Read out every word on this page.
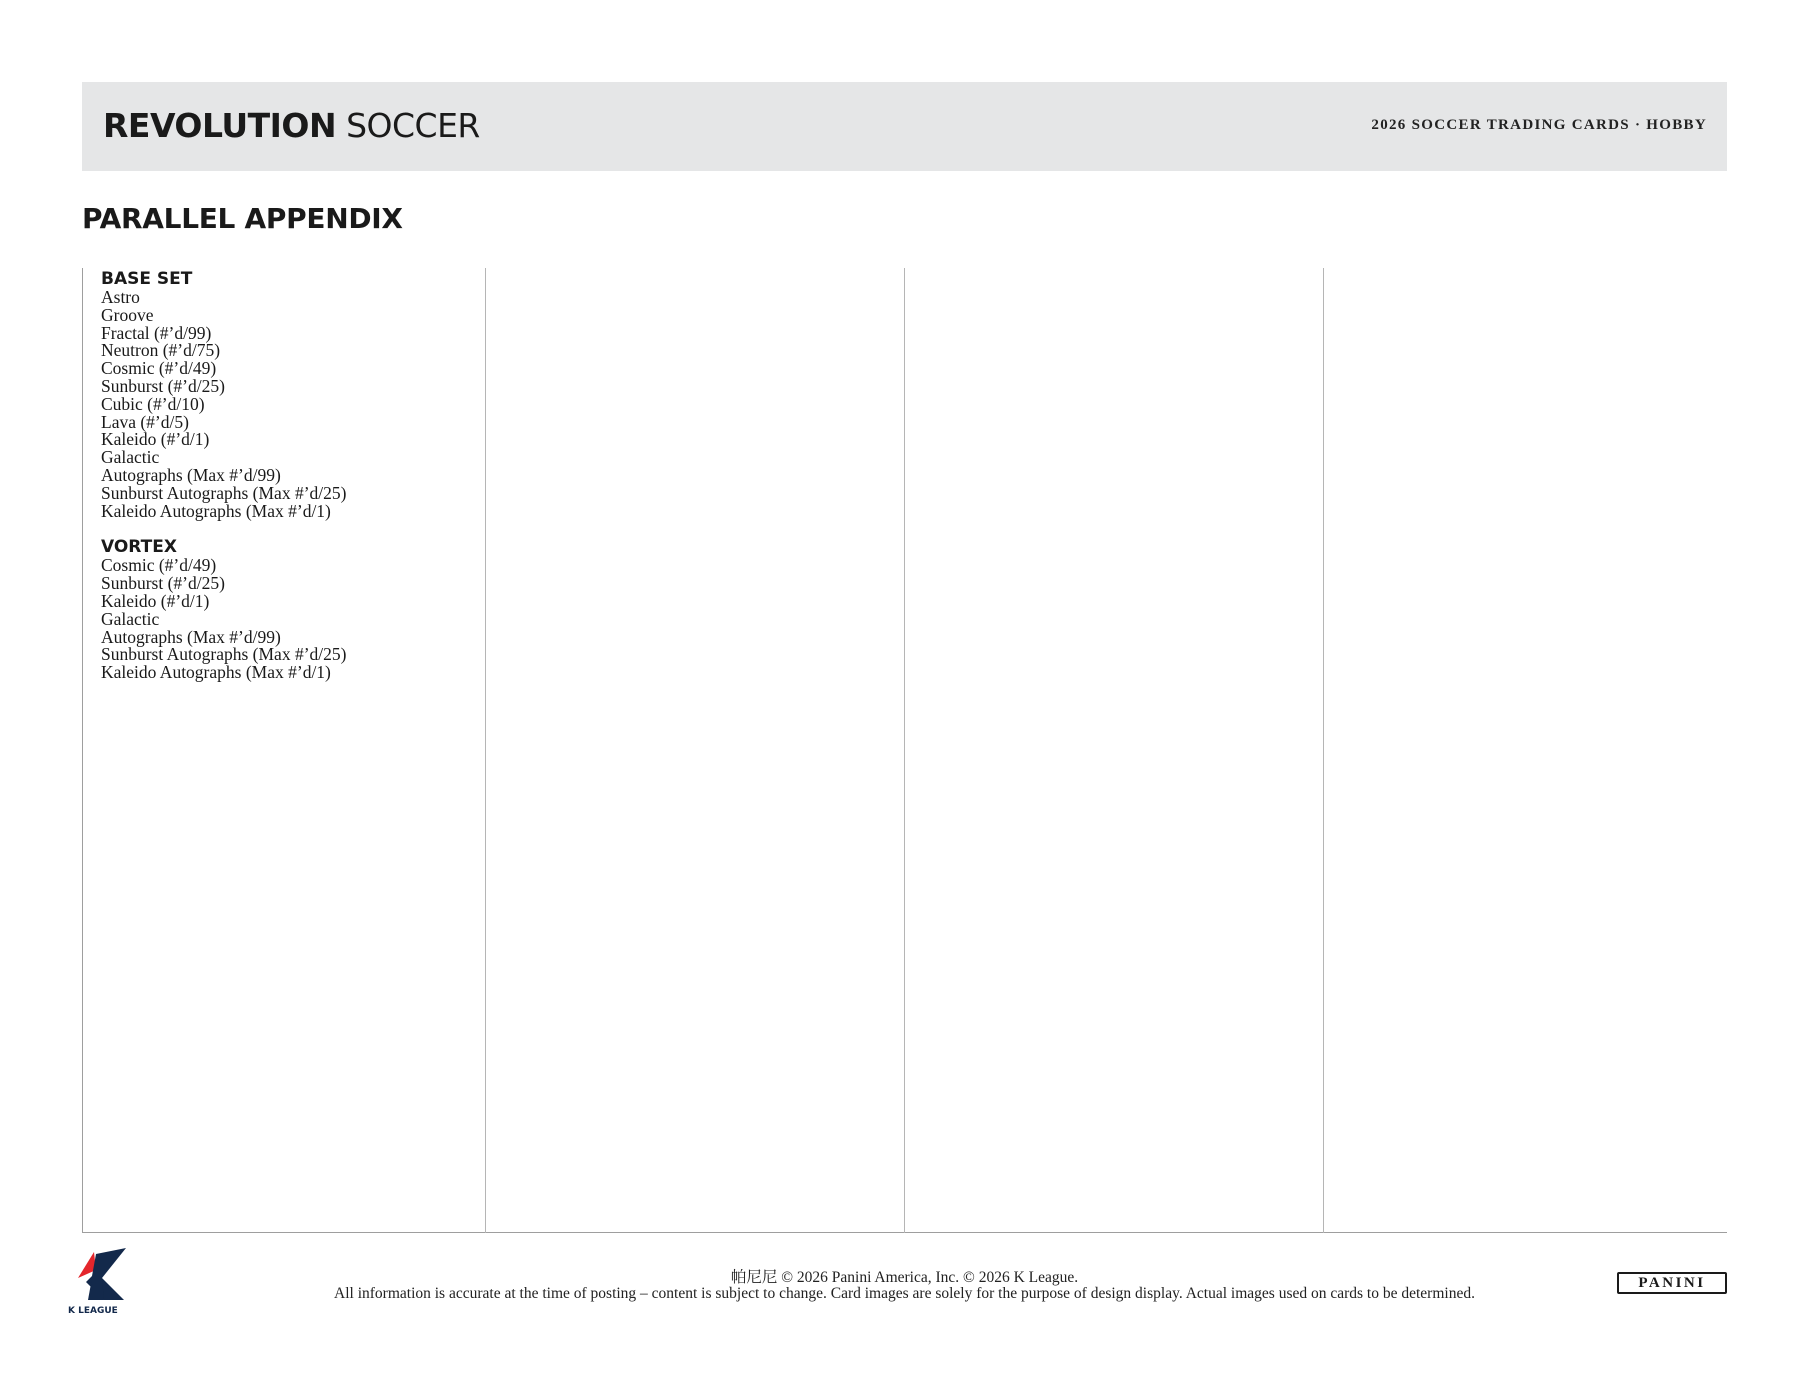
REVOLUTION SOCCER	2026 SOCCER TRADING CARDS · HOBBY
PARALLEL APPENDIX
BASE SET
Astro
Groove
Fractal (#’d/99)
Neutron (#’d/75)
Cosmic (#’d/49)
Sunburst (#’d/25)
Cubic (#’d/10)
Lava (#’d/5)
Kaleido (#’d/1)
Galactic
Autographs (Max #’d/99)
Sunburst Autographs (Max #’d/25)
Kaleido Autographs (Max #’d/1)
VORTEX
Cosmic (#’d/49)
Sunburst (#’d/25)
Kaleido (#’d/1)
Galactic
Autographs (Max #’d/99)
Sunburst Autographs (Max #’d/25)
Kaleido Autographs (Max #’d/1)
K LEAGUE
帕尼尼 © 2026 Panini America, Inc. © 2026 K League.
All information is accurate at the time of posting – content is subject to change. Card images are solely for the purpose of design display. Actual images used on cards to be determined.
PANINI
